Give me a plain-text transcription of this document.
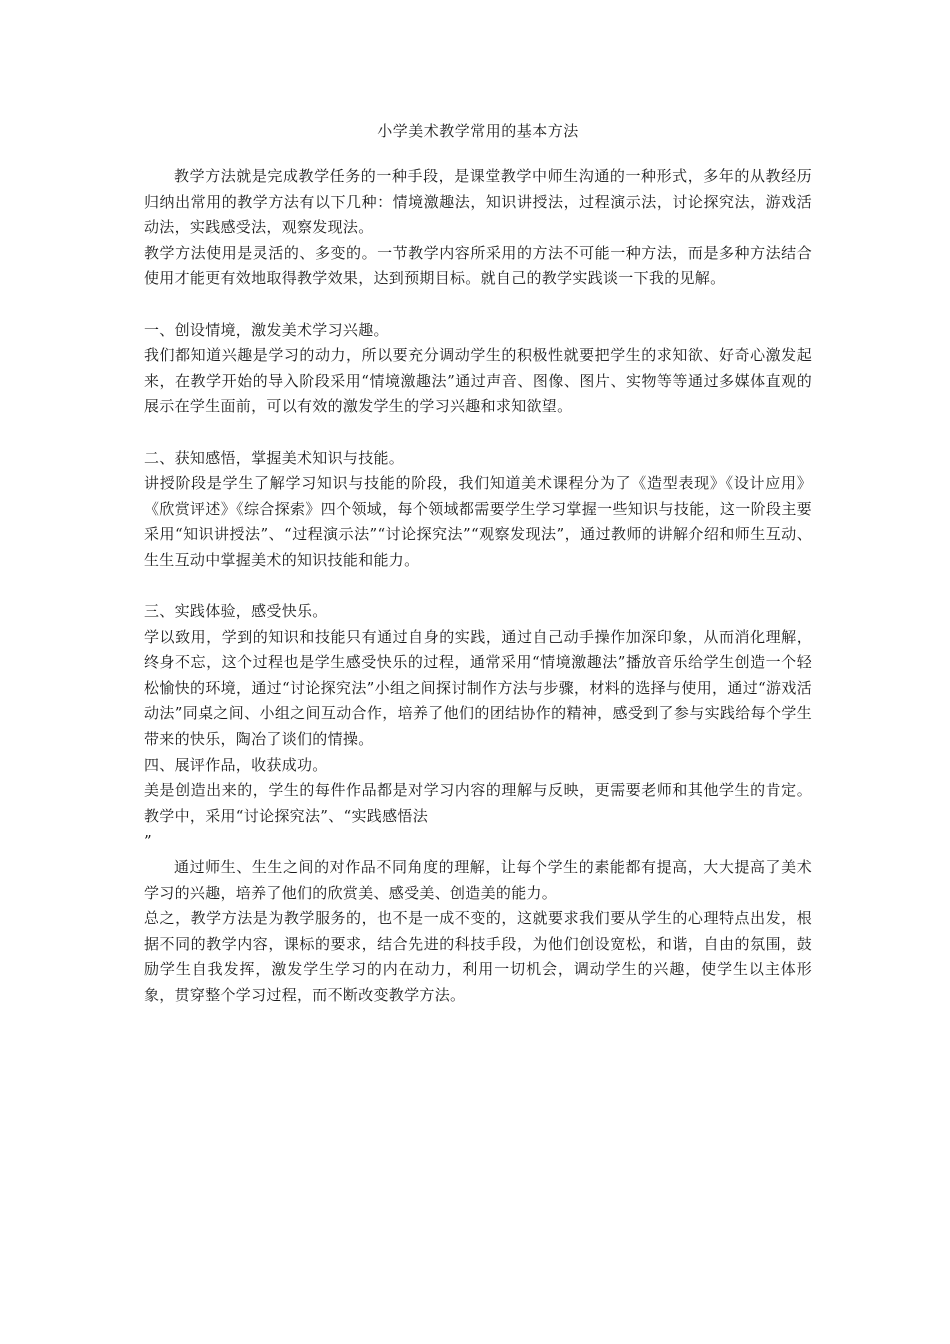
小学美术教学常用的基本方法

教学方法就是完成教学任务的一种手段，是课堂教学中师生沟通的一种形式，多年的从教经历归纳出常用的教学方法有以下几种：情境激趣法，知识讲授法，过程演示法，讨论探究法，游戏活动法，实践感受法，观察发现法。

教学方法使用是灵活的、多变的。一节教学内容所采用的方法不可能一种方法，而是多种方法结合使用才能更有效地取得教学效果，达到预期目标。就自己的教学实践谈一下我的见解。

一、创设情境，激发美术学习兴趣。

我们都知道兴趣是学习的动力，所以要充分调动学生的积极性就要把学生的求知欲、好奇心激发起来，在教学开始的导入阶段采用“情境激趣法”通过声音、图像、图片、实物等等通过多媒体直观的展示在学生面前，可以有效的激发学生的学习兴趣和求知欲望。

二、获知感悟，掌握美术知识与技能。

讲授阶段是学生了解学习知识与技能的阶段，我们知道美术课程分为了《造型表现》《设计应用》《欣赏评述》《综合探索》四个领域，每个领域都需要学生学习掌握一些知识与技能，这一阶段主要采用“知识讲授法”、“过程演示法”“讨论探究法”“观察发现法”，通过教师的讲解介绍和师生互动、生生互动中掌握美术的知识技能和能力。

三、实践体验，感受快乐。

学以致用，学到的知识和技能只有通过自身的实践，通过自己动手操作加深印象，从而消化理解，终身不忘，这个过程也是学生感受快乐的过程，通常采用“情境激趣法”播放音乐给学生创造一个轻松愉快的环境，通过“讨论探究法”小组之间探讨制作方法与步骤，材料的选择与使用，通过“游戏活动法”同桌之间、小组之间互动合作，培养了他们的团结协作的精神，感受到了参与实践给每个学生带来的快乐，陶冶了谈们的情操。

四、展评作品，收获成功。

美是创造出来的，学生的每件作品都是对学习内容的理解与反映，更需要老师和其他学生的肯定。教学中，采用“讨论探究法”、“实践感悟法

”

通过师生、生生之间的对作品不同角度的理解，让每个学生的素能都有提高，大大提高了美术学习的兴趣，培养了他们的欣赏美、感受美、创造美的能力。

总之，教学方法是为教学服务的，也不是一成不变的，这就要求我们要从学生的心理特点出发，根据不同的教学内容，课标的要求，结合先进的科技手段，为他们创设宽松，和谐，自由的氛围，鼓励学生自我发挥，激发学生学习的内在动力，利用一切机会，调动学生的兴趣，使学生以主体形象，贯穿整个学习过程，而不断改变教学方法。
